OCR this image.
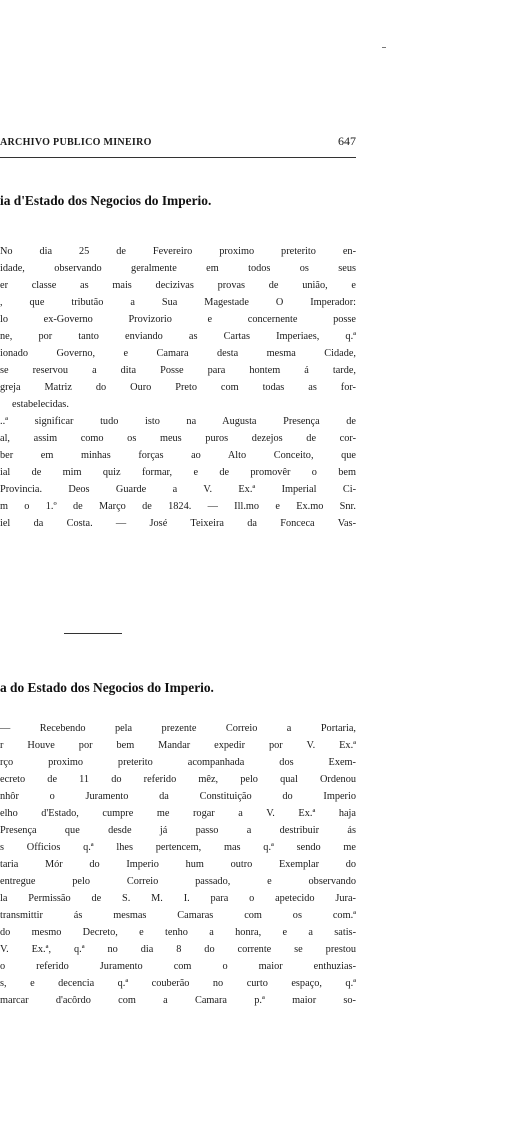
ARCHIVO PUBLICO MINEIRO	647
ia d'Estado dos Negocios do Imperio.
No dia 25 de Fevereiro proximo preterito en-
idade, observando geralmente em todos os seus
er classe as mais decizivas provas de união, e
, que tributão a Sua Magestade O Imperador:
lo ex-Governo Provizorio e concernente posse
ne, por tanto enviando as Cartas Imperiaes, q.ª
ionado Governo, e Camara desta mesma Cidade,
se reservou a dita Posse para hontem á tarde,
greja Matriz do Ouro Preto com todas as for-
estabelecidas.
..ª significar tudo isto na Augusta Presença de
al, assim como os meus puros dezejos de cor-
ber em minhas forças ao Alto Conceito, que
ial de mim quiz formar, e de promovêr o bem
Provincia. Deos Guarde a V. Ex.ª Imperial Ci-
m o 1.º de Março de 1824. — Ill.mo e Ex.mo Snr.
iel da Costa. — José Teixeira da Fonceca Vas-
a do Estado dos Negocios do Imperio.
— Recebendo pela prezente Correio a Portaria,
r Houve por bem Mandar expedir por V. Ex.ª
rço proximo preterito acompanhada dos Exem-
ecreto de 11 do referido mêz, pelo qual Ordenou
nhôr o Juramento da Constituição do Imperio
elho d'Estado, cumpre me rogar a V. Ex.ª haja
Presença que desde já passo a destribuir ás
s Officios q.ª lhes pertencem, mas q.ª sendo me
taria Mór do Imperio hum outro Exemplar do
entregue pelo Correio passado, e observando
la Permissão de S. M. I. para o apetecido Jura-
transmittir ás mesmas Camaras com os com.ª
do mesmo Decreto, e tenho a honra, e a satis-
V. Ex.ª, q.ª no dia 8 do corrente se prestou
o referido Juramento com o maior enthuzias-
s, e decencia q.ª couberão no curto espaço, q.ª
marcar d'acôrdo com a Camara p.ª maior so-
